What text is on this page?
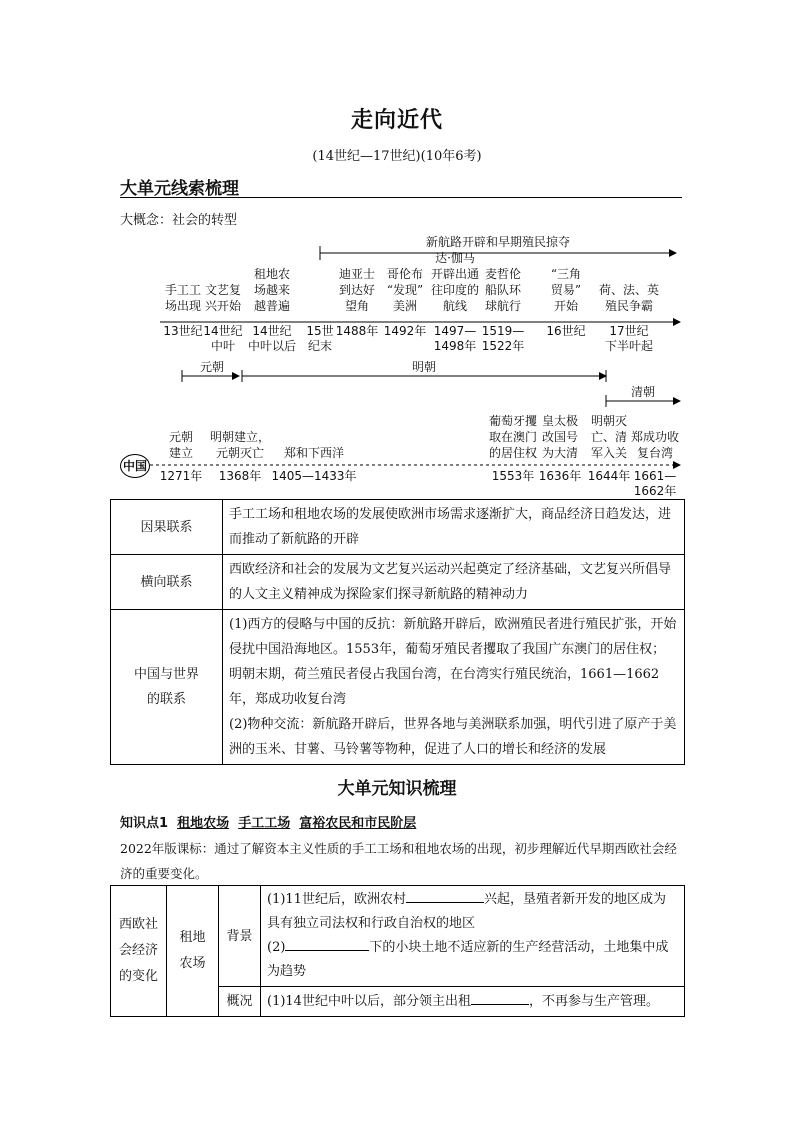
走向近代
(14世纪—17世纪)(10年6考)
大单元线索梳理
大概念：社会的转型
新航路开辟和早期殖民掠夺
元朝	明朝
清朝
中国
因果联系	手工工场和租地农场的发展使欧洲市场需求逐渐扩大，商品经济日趋发达，进而推动了新航路的开辟
横向联系	西欧经济和社会的发展为文艺复兴运动兴起奠定了经济基础，文艺复兴所倡导的人文主义精神成为探险家们探寻新航路的精神动力
中国与世界的联系	(1)西方的侵略与中国的反抗：新航路开辟后，欧洲殖民者进行殖民扩张，开始侵扰中国沿海地区。1553年，葡萄牙殖民者攫取了我国广东澳门的居住权；明朝末期，荷兰殖民者侵占我国台湾，在台湾实行殖民统治，1661—1662年，郑成功收复台湾
(2)物种交流：新航路开辟后，世界各地与美洲联系加强，明代引进了原产于美洲的玉米、甘薯、马铃薯等物种，促进了人口的增长和经济的发展
大单元知识梳理
知识点1 租地农场 手工工场 富裕农民和市民阶层
2022年版课标：通过了解资本主义性质的手工工场和租地农场的出现，初步理解近代早期西欧社会经济的重要变化。
西欧社会经济的变化	租地农场	背景	(1)11世纪后，欧洲农村 兴起，垦殖者新开发的地区成为具有独立司法权和行政自治权的地区
(2) 下的小块土地不适应新的生产经营活动，土地集中成为趋势

		概况	(1)14世纪中叶以后，部分领主出租 ，不再参与生产管理。
手工工
场出现
13世纪
文艺复
兴开始
14世纪
中叶
租地农
场越来
越普遍
14世纪
中叶以后
15世
纪末
迪亚士
到达好
望角
1488年
哥伦布
“发现”
美洲
1492年
达·伽马
开辟出通
往印度的
航线
1497—
1498年
麦哲伦
船队环
球航行
1519—
1522年
“三角
贸易”
开始
16世纪
荷、法、英
殖民争霸
17世纪
下半叶起
元朝
建立
1271年
明朝建立，
元朝灭亡
1368年
郑和下西洋
1405—1433年
葡萄牙攫
取在澳门
的居住权
1553年
皇太极
改国号
为大清
1636年
明朝灭
亡、清
军入关
1644年
郑成功收
复台湾
1661—
1662年
